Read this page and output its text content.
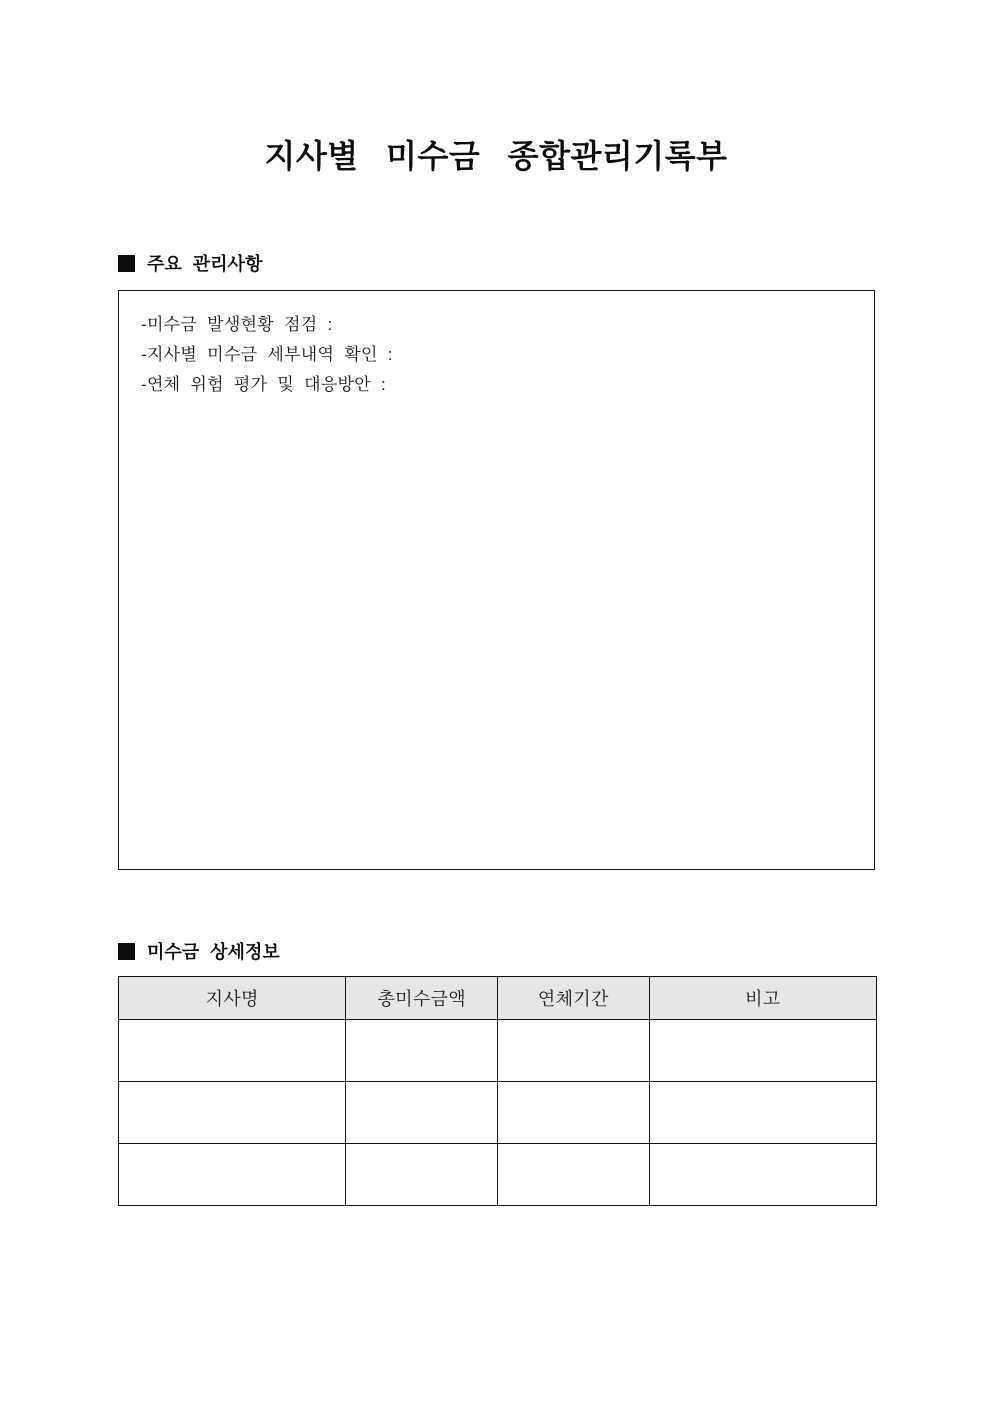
지사별 미수금 종합관리기록부
주요 관리사항
-미수금 발생현황 점검 :
-지사별 미수금 세부내역 확인 :
-연체 위험 평가 및 대응방안 :
미수금 상세정보
지사명	총미수금액	연체기간	비고
